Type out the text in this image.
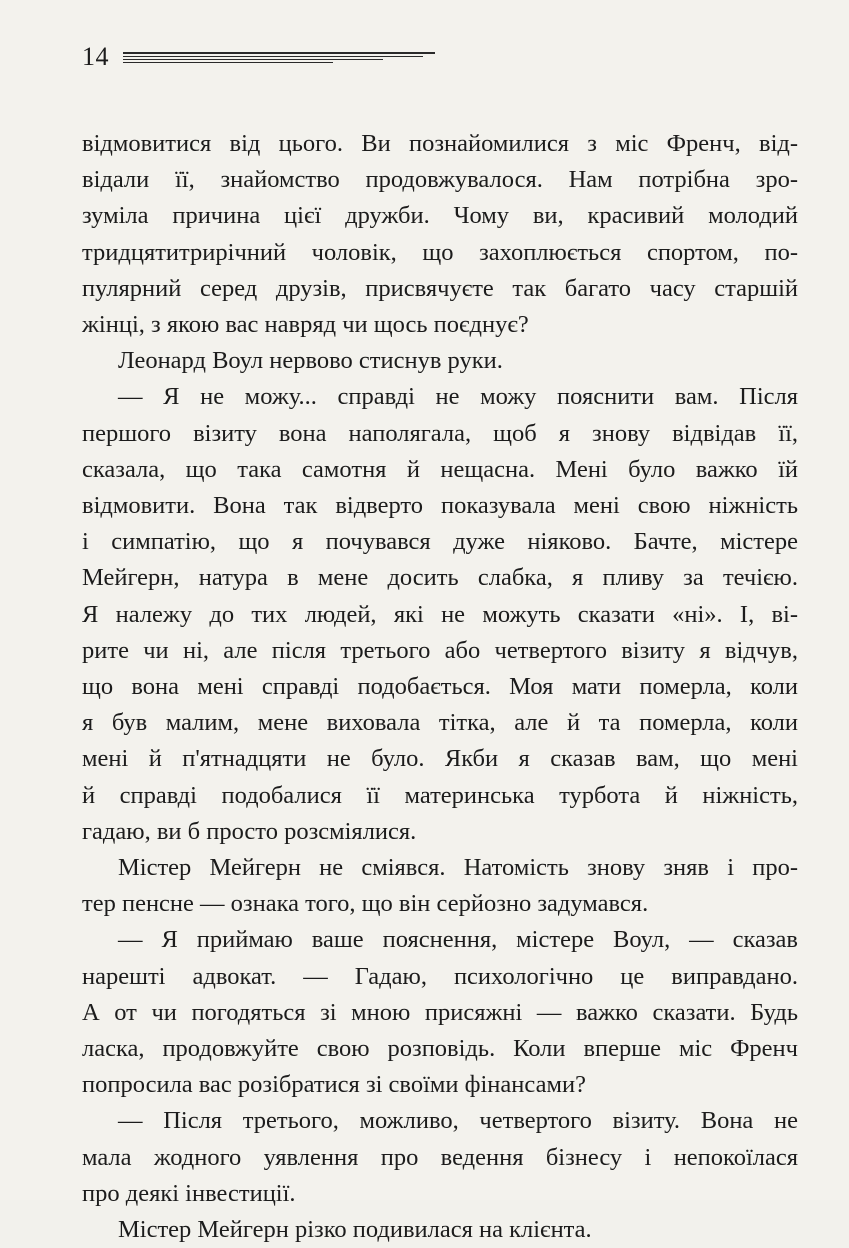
14
відмовитися від цього. Ви познайомилися з міс Френч, від-
відали її, знайомство продовжувалося. Нам потрібна зро-
зуміла причина цієї дружби. Чому ви, красивий молодий
тридцятитрирічний чоловік, що захоплюється спортом, по-
пулярний серед друзів, присвячуєте так багато часу старшій
жінці, з якою вас навряд чи щось поєднує?
Леонард Воул нервово стиснув руки.
— Я не можу... справді не можу пояснити вам. Після
першого візиту вона наполягала, щоб я знову відвідав її,
сказала, що така самотня й нещасна. Мені було важко їй
відмовити. Вона так відверто показувала мені свою ніжність
і симпатію, що я почувався дуже ніяково. Бачте, містере
Мейгерн, натура в мене досить слабка, я пливу за течією.
Я належу до тих людей, які не можуть сказати «ні». І, ві-
рите чи ні, але після третього або четвертого візиту я відчув,
що вона мені справді подобається. Моя мати померла, коли
я був малим, мене виховала тітка, але й та померла, коли
мені й п'ятнадцяти не було. Якби я сказав вам, що мені
й справді подобалися її материнська турбота й ніжність,
гадаю, ви б просто розсміялися.
Містер Мейгерн не сміявся. Натомість знову зняв і про-
тер пенсне — ознака того, що він серйозно задумався.
— Я приймаю ваше пояснення, містере Воул, — сказав
нарешті адвокат. — Гадаю, психологічно це виправдано.
А от чи погодяться зі мною присяжні — важко сказати. Будь
ласка, продовжуйте свою розповідь. Коли вперше міс Френч
попросила вас розібратися зі своїми фінансами?
— Після третього, можливо, четвертого візиту. Вона не
мала жодного уявлення про ведення бізнесу і непокоїлася
про деякі інвестиції.
Містер Мейгерн різко подивилася на клієнта.
